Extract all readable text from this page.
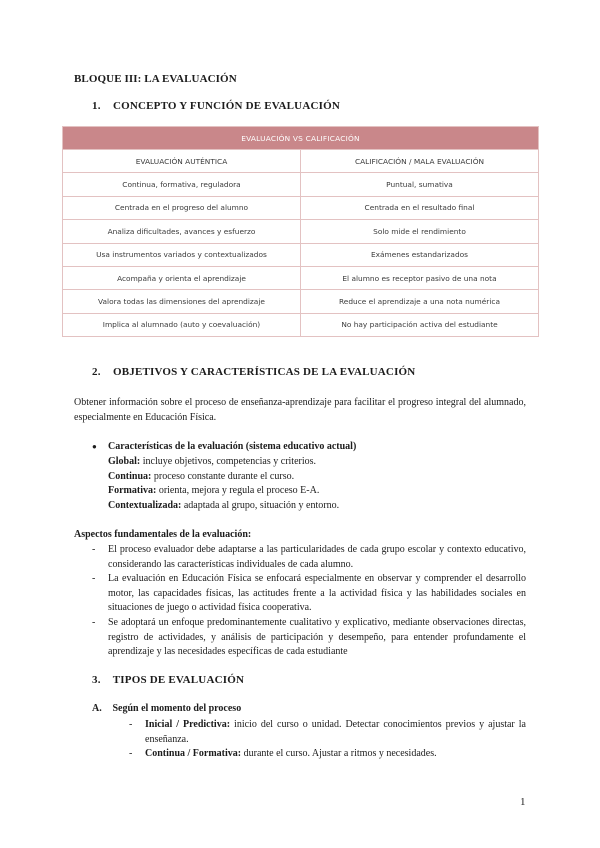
BLOQUE III: LA EVALUACIÓN
1. CONCEPTO Y FUNCIÓN DE EVALUACIÓN
EVALUACIÓN VS CALIFICACIÓN	
EVALUACIÓN AUTÉNTICA	CALIFICACIÓN / MALA EVALUACIÓN
Continua, formativa, reguladora	Puntual, sumativa
Centrada en el progreso del alumno	Centrada en el resultado final
Analiza dificultades, avances y esfuerzo	Solo mide el rendimiento
Usa instrumentos variados y contextualizados	Exámenes estandarizados
Acompaña y orienta el aprendizaje	El alumno es receptor pasivo de una nota
Valora todas las dimensiones del aprendizaje	Reduce el aprendizaje a una nota numérica
Implica al alumnado (auto y coevaluación)	No hay participación activa del estudiante
2. OBJETIVOS Y CARACTERÍSTICAS DE LA EVALUACIÓN
Obtener información sobre el proceso de enseñanza-aprendizaje para facilitar el progreso integral del alumnado, especialmente en Educación Física.
● Características de la evaluación (sistema educativo actual)
Global: incluye objetivos, competencias y criterios.
Continua: proceso constante durante el curso.
Formativa: orienta, mejora y regula el proceso E-A.
Contextualizada: adaptada al grupo, situación y entorno.
Aspectos fundamentales de la evaluación:
- El proceso evaluador debe adaptarse a las particularidades de cada grupo escolar y contexto educativo, considerando las características individuales de cada alumno.
- La evaluación en Educación Física se enfocará especialmente en observar y comprender el desarrollo motor, las capacidades físicas, las actitudes frente a la actividad física y las habilidades sociales en situaciones de juego o actividad física cooperativa.
- Se adoptará un enfoque predominantemente cualitativo y explicativo, mediante observaciones directas, registro de actividades, y análisis de participación y desempeño, para entender profundamente el aprendizaje y las necesidades específicas de cada estudiante
3. TIPOS DE EVALUACIÓN
A. Según el momento del proceso
- Inicial / Predictiva: inicio del curso o unidad. Detectar conocimientos previos y ajustar la enseñanza.
- Continua / Formativa: durante el curso. Ajustar a ritmos y necesidades.
1
